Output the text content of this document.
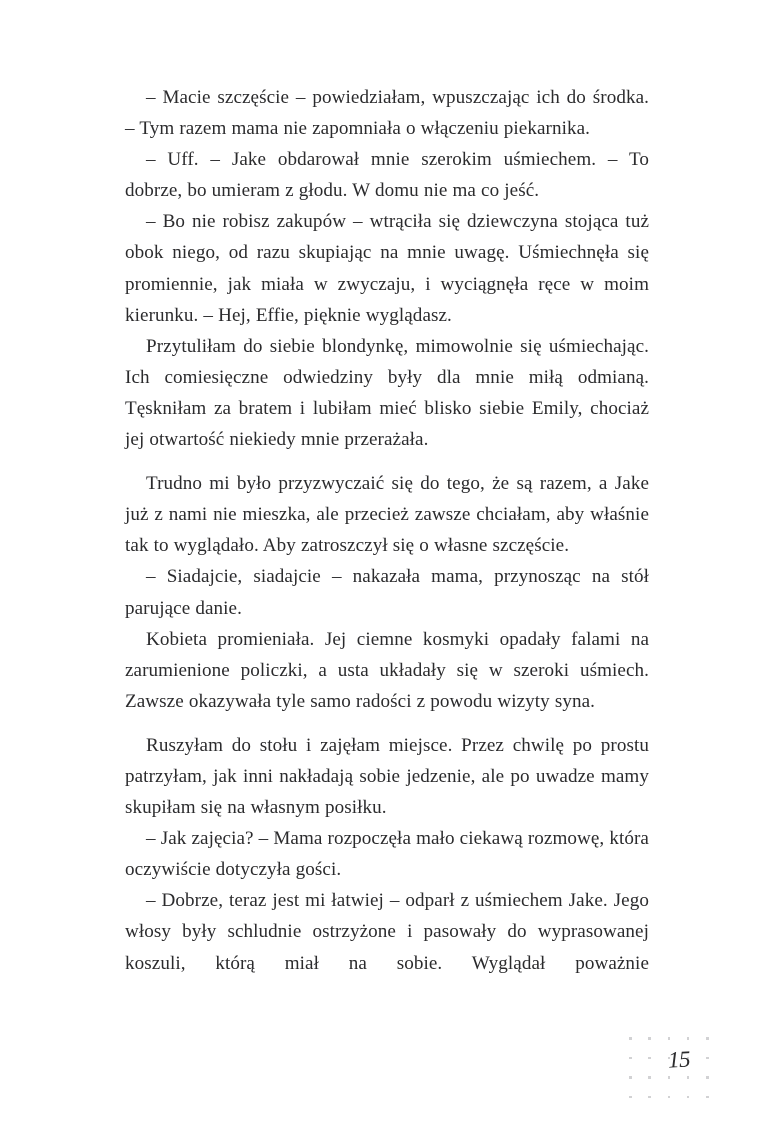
– Macie szczęście – powiedziałam, wpuszczając ich do środka. – Tym razem mama nie zapomniała o włączeniu piekarnika.

– Uff. – Jake obdarował mnie szerokim uśmiechem. – To dobrze, bo umieram z głodu. W domu nie ma co jeść.

– Bo nie robisz zakupów – wtrąciła się dziewczyna stojąca tuż obok niego, od razu skupiając na mnie uwagę. Uśmiechnęła się promiennie, jak miała w zwyczaju, i wyciągnęła ręce w moim kierunku. – Hej, Effie, pięknie wyglądasz.

Przytuliłam do siebie blondynkę, mimowolnie się uśmiechając. Ich comiesięczne odwiedziny były dla mnie miłą odmianą. Tęskniłam za bratem i lubiłam mieć blisko siebie Emily, chociaż jej otwartość niekiedy mnie przerażała.

Trudno mi było przyzwyczaić się do tego, że są razem, a Jake już z nami nie mieszka, ale przecież zawsze chciałam, aby właśnie tak to wyglądało. Aby zatroszczył się o własne szczęście.

– Siadajcie, siadajcie – nakazała mama, przynosząc na stół parujące danie.

Kobieta promieniała. Jej ciemne kosmyki opadały falami na zarumienione policzki, a usta układały się w szeroki uśmiech. Zawsze okazywała tyle samo radości z powodu wizyty syna.

Ruszyłam do stołu i zajęłam miejsce. Przez chwilę po prostu patrzyłam, jak inni nakładają sobie jedzenie, ale po uwadze mamy skupiłam się na własnym posiłku.

– Jak zajęcia? – Mama rozpoczęła mało ciekawą rozmowę, która oczywiście dotyczyła gości.

– Dobrze, teraz jest mi łatwiej – odparł z uśmiechem Jake. Jego włosy były schludnie ostrzyżone i pasowały do wyprasowanej koszuli, którą miał na sobie. Wyglądał poważnie

15
